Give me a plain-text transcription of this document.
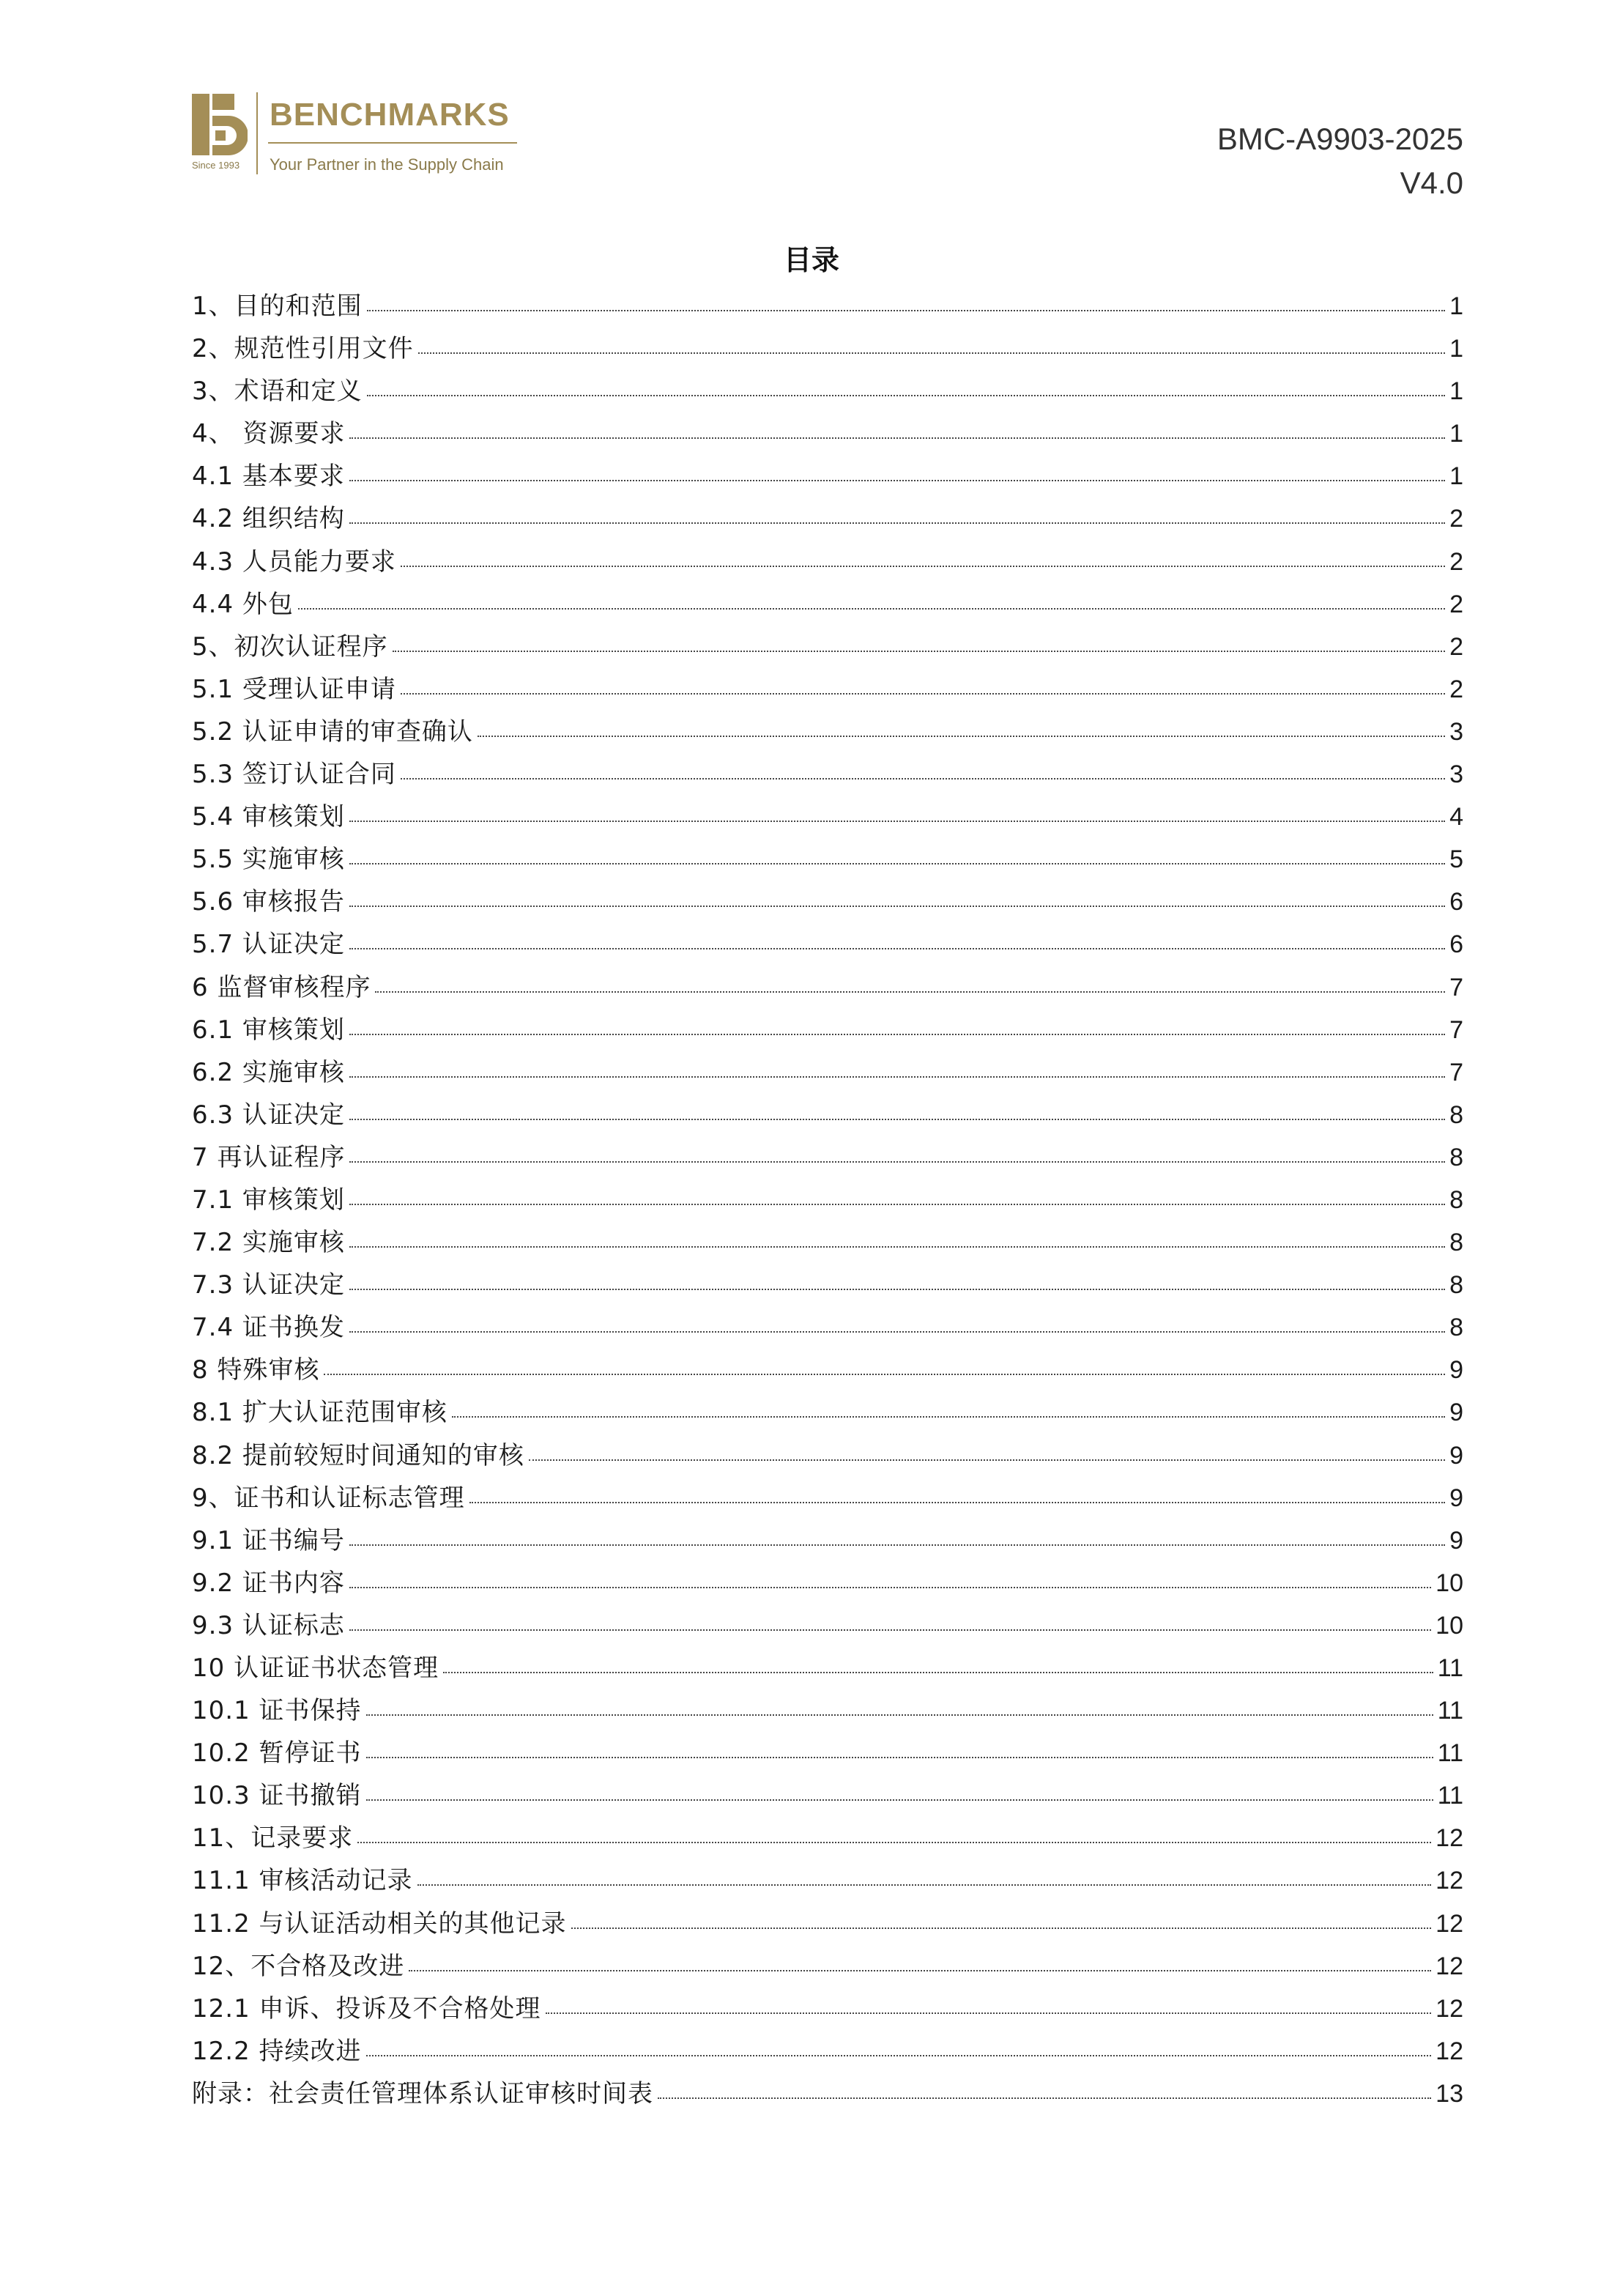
Since 1993
BENCHMARKS
Your Partner in the Supply Chain
BMC-A9903-2025
V4.0
目录
1、目的和范围	1
2、规范性引用文件	1
3、术语和定义	1
4、 资源要求	1
4.1 基本要求	1
4.2 组织结构	2
4.3 人员能力要求	2
4.4 外包	2
5、初次认证程序	2
5.1 受理认证申请	2
5.2 认证申请的审查确认	3
5.3 签订认证合同	3
5.4 审核策划	4
5.5 实施审核	5
5.6 审核报告	6
5.7 认证决定	6
6 监督审核程序	7
6.1 审核策划	7
6.2 实施审核	7
6.3 认证决定	8
7 再认证程序	8
7.1 审核策划	8
7.2 实施审核	8
7.3 认证决定	8
7.4 证书换发	8
8 特殊审核	9
8.1 扩大认证范围审核	9
8.2 提前较短时间通知的审核	9
9、证书和认证标志管理	9
9.1 证书编号	9
9.2 证书内容	10
9.3 认证标志	10
10 认证证书状态管理	11
10.1 证书保持	11
10.2 暂停证书	11
10.3 证书撤销	11
11、记录要求	12
11.1 审核活动记录	12
11.2 与认证活动相关的其他记录	12
12、不合格及改进	12
12.1 申诉、投诉及不合格处理	12
12.2 持续改进	12
附录：社会责任管理体系认证审核时间表	13
